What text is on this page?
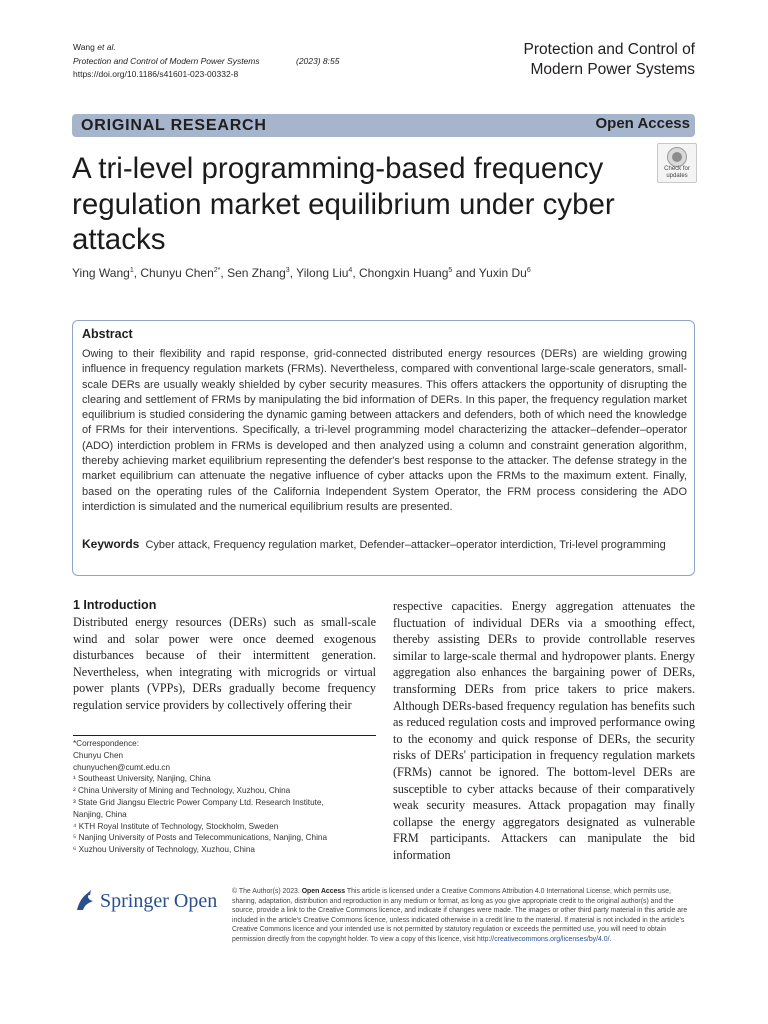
Wang et al.
Protection and Control of Modern Power Systems	(2023) 8:55
https://doi.org/10.1186/s41601-023-00332-8
Protection and Control of
Modern Power Systems
ORIGINAL RESEARCH	Open Access
A tri-level programming-based frequency regulation market equilibrium under cyber attacks
Check for
updates
Ying Wang$^1$, Chunyu Chen$^{2*}$, Sen Zhang$^3$, Yilong Liu$^4$, Chongxin Huang$^5$ and Yuxin Du$^6$
Abstract
Owing to their flexibility and rapid response, grid-connected distributed energy resources (DERs) are wielding growing influence in frequency regulation markets (FRMs). Nevertheless, compared with conventional large-scale generators, small-scale DERs are usually weakly shielded by cyber security measures. This offers attackers the opportunity of disrupting the clearing and settlement of FRMs by manipulating the bid information of DERs. In this paper, the frequency regulation market equilibrium is studied considering the dynamic gaming between attackers and defenders, both of which need the knowledge of FRMs for their interventions. Specifically, a tri-level programming model characterizing the attacker–defender–operator (ADO) interdiction problem in FRMs is developed and then analyzed using a column and constraint generation algorithm, thereby achieving market equilibrium representing the defender's best response to the attacker. The defense strategy in the market equilibrium can attenuate the negative influence of cyber attacks upon the FRMs to the maximum extent. Finally, based on the operating rules of the California Independent System Operator, the FRM process considering the ADO interdiction is simulated and the numerical equilibrium results are presented.
Keywords Cyber attack, Frequency regulation market, Defender–attacker–operator interdiction, Tri-level programming
1 Introduction
Distributed energy resources (DERs) such as small-scale wind and solar power were once deemed exogenous disturbances because of their intermittent generation. Nevertheless, when integrating with microgrids or virtual power plants (VPPs), DERs gradually become frequency regulation service providers by collectively offering their
respective capacities. Energy aggregation attenuates the fluctuation of individual DERs via a smoothing effect, thereby assisting DERs to provide controllable reserves similar to large-scale thermal and hydropower plants. Energy aggregation also enhances the bargaining power of DERs, transforming DERs from price takers to price makers. Although DERs-based frequency regulation has benefits such as reduced regulation costs and improved performance owing to the economy and quick response of DERs, the security risks of DERs' participation in frequency regulation markets (FRMs) cannot be ignored. The bottom-level DERs are susceptible to cyber attacks because of their comparatively weak security measures. Attack propagation may finally collapse the energy aggregators designated as vulnerable FRM participants. Attackers can manipulate the bid information
*Correspondence:
Chunyu Chen
chunyuchen@cumt.edu.cn
¹ Southeast University, Nanjing, China
² China University of Mining and Technology, Xuzhou, China
³ State Grid Jiangsu Electric Power Company Ltd. Research Institute,
Nanjing, China
⁴ KTH Royal Institute of Technology, Stockholm, Sweden
⁵ Nanjing University of Posts and Telecommunications, Nanjing, China
⁶ Xuzhou University of Technology, Xuzhou, China
Springer Open © The Author(s) 2023. Open Access This article is licensed under a Creative Commons Attribution 4.0 International License, which permits use, sharing, adaptation, distribution and reproduction in any medium or format, as long as you give appropriate credit to the original author(s) and the source, provide a link to the Creative Commons licence, and indicate if changes were made. The images or other third party material in this article are included in the article's Creative Commons licence, unless indicated otherwise in a credit line to the material. If material is not included in the article's Creative Commons licence and your intended use is not permitted by statutory regulation or exceeds the permitted use, you will need to obtain permission directly from the copyright holder. To view a copy of this licence, visit http://creativecommons.org/licenses/by/4.0/.
